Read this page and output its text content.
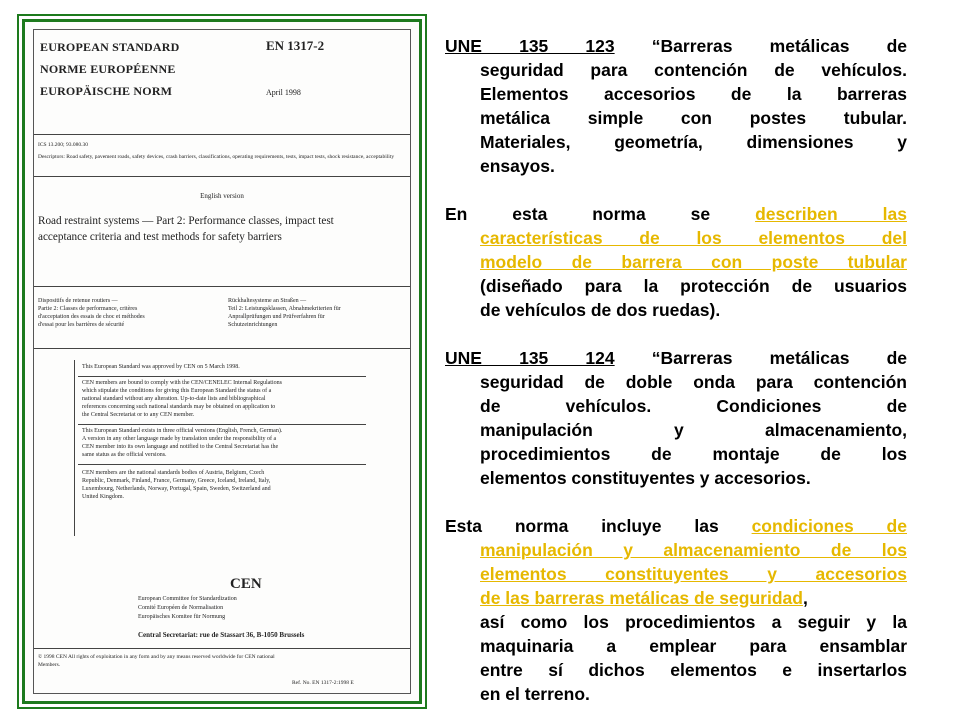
EUROPEAN STANDARD
NORME EUROPÉENNE
EUROPÄISCHE NORM
EN 1317-2
April 1998
ICS 13.200; 93.080.30
Descriptors: Road safety, pavement roads, safety devices, crash barriers, classifications, operating requirements, tests, impact tests, shock resistance, acceptability
English version
Road restraint systems — Part 2: Performance classes, impact test
acceptance criteria and test methods for safety barriers
Dispositifs de retenue routiers —
Partie 2: Classes de performance, critères
d'acceptation des essais de choc et méthodes
d'essai pour les barrières de sécurité
Rückhaltesysteme an Straßen —
Teil 2: Leistungsklassen, Abnahmekriterien für
Anprallprüfungen und Prüfverfahren für
Schutzeinrichtungen
This European Standard was approved by CEN on 5 March 1998.
CEN members are bound to comply with the CEN/CENELEC Internal Regulations
which stipulate the conditions for giving this European Standard the status of a
national standard without any alteration. Up-to-date lists and bibliographical
references concerning such national standards may be obtained on application to
the Central Secretariat or to any CEN member.
This European Standard exists in three official versions (English, French, German).
A version in any other language made by translation under the responsibility of a
CEN member into its own language and notified to the Central Secretariat has the
same status as the official versions.
CEN members are the national standards bodies of Austria, Belgium, Czech
Republic, Denmark, Finland, France, Germany, Greece, Iceland, Ireland, Italy,
Luxembourg, Netherlands, Norway, Portugal, Spain, Sweden, Switzerland and
United Kingdom.
CEN
European Committee for Standardization
Comité Européen de Normalisation
Europäisches Komitee für Normung
Central Secretariat: rue de Stassart 36, B-1050 Brussels
© 1998 CEN All rights of exploitation in any form and by any means reserved worldwide for CEN national
Members.
Ref. No. EN 1317-2:1998 E
UNE 135 123 “Barreras metálicas de
seguridad para contención de vehículos.
Elementos accesorios de la barreras
metálica simple con postes tubular.
Materiales, geometría, dimensiones y
ensayos.
En esta norma se	describen las
características de los elementos del
modelo de barrera con poste tubular
(diseñado para la protección de usuarios
de vehículos de dos ruedas).
UNE 135 124 “Barreras metálicas de
seguridad de doble onda para contención
de vehículos. Condiciones de
manipulación y almacenamiento,
procedimientos de montaje de los
elementos constituyentes y accesorios.
Esta norma incluye las condiciones de
manipulación y almacenamiento de los
elementos constituyentes y accesorios
de las barreras metálicas de seguridad,
así como los procedimientos a seguir y la
maquinaria a emplear para ensamblar
entre sí dichos elementos e insertarlos
en el terreno.
